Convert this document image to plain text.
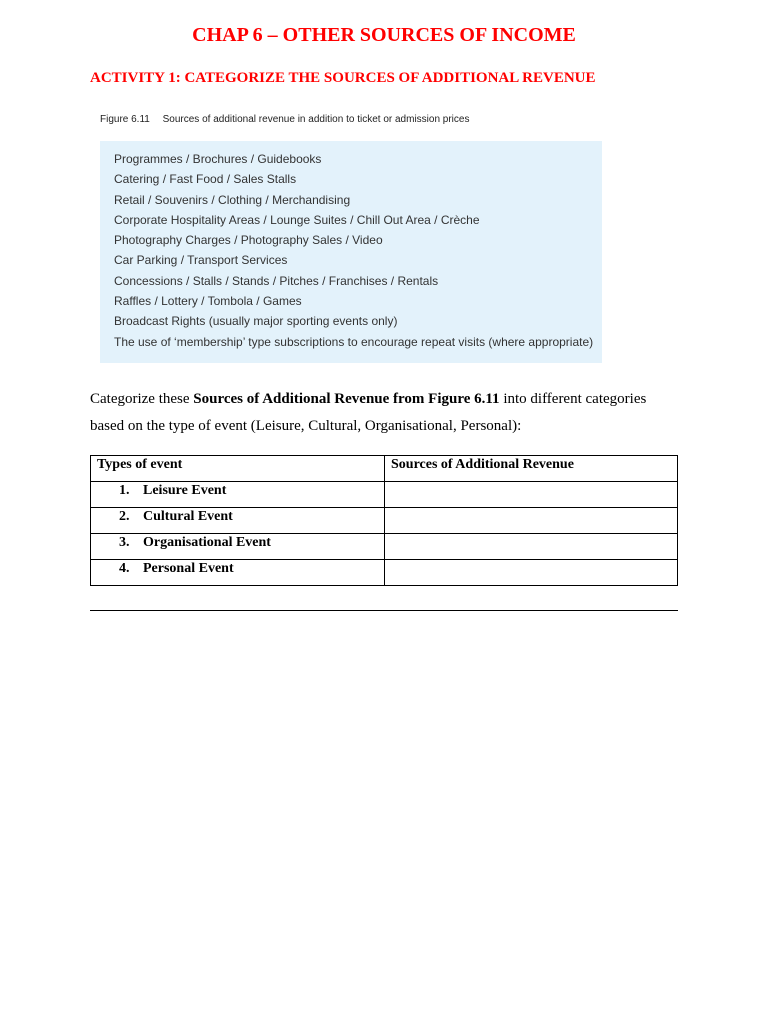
CHAP 6 – OTHER SOURCES OF INCOME
ACTIVITY 1: CATEGORIZE THE SOURCES OF ADDITIONAL REVENUE
Figure 6.11 Sources of additional revenue in addition to ticket or admission prices
Programmes / Brochures / Guidebooks
Catering / Fast Food / Sales Stalls
Retail / Souvenirs / Clothing / Merchandising
Corporate Hospitality Areas / Lounge Suites / Chill Out Area / Crèche
Photography Charges / Photography Sales / Video
Car Parking / Transport Services
Concessions / Stalls / Stands / Pitches / Franchises / Rentals
Raffles / Lottery / Tombola / Games
Broadcast Rights (usually major sporting events only)
The use of ‘membership’ type subscriptions to encourage repeat visits (where appropriate)

Categorize these Sources of Additional Revenue from Figure 6.11 into different categories based on the type of event (Leisure, Cultural, Organisational, Personal):

Types of event	Sources of Additional Revenue
1. Leisure Event	
2. Cultural Event	
3. Organisational Event	
4. Personal Event	
